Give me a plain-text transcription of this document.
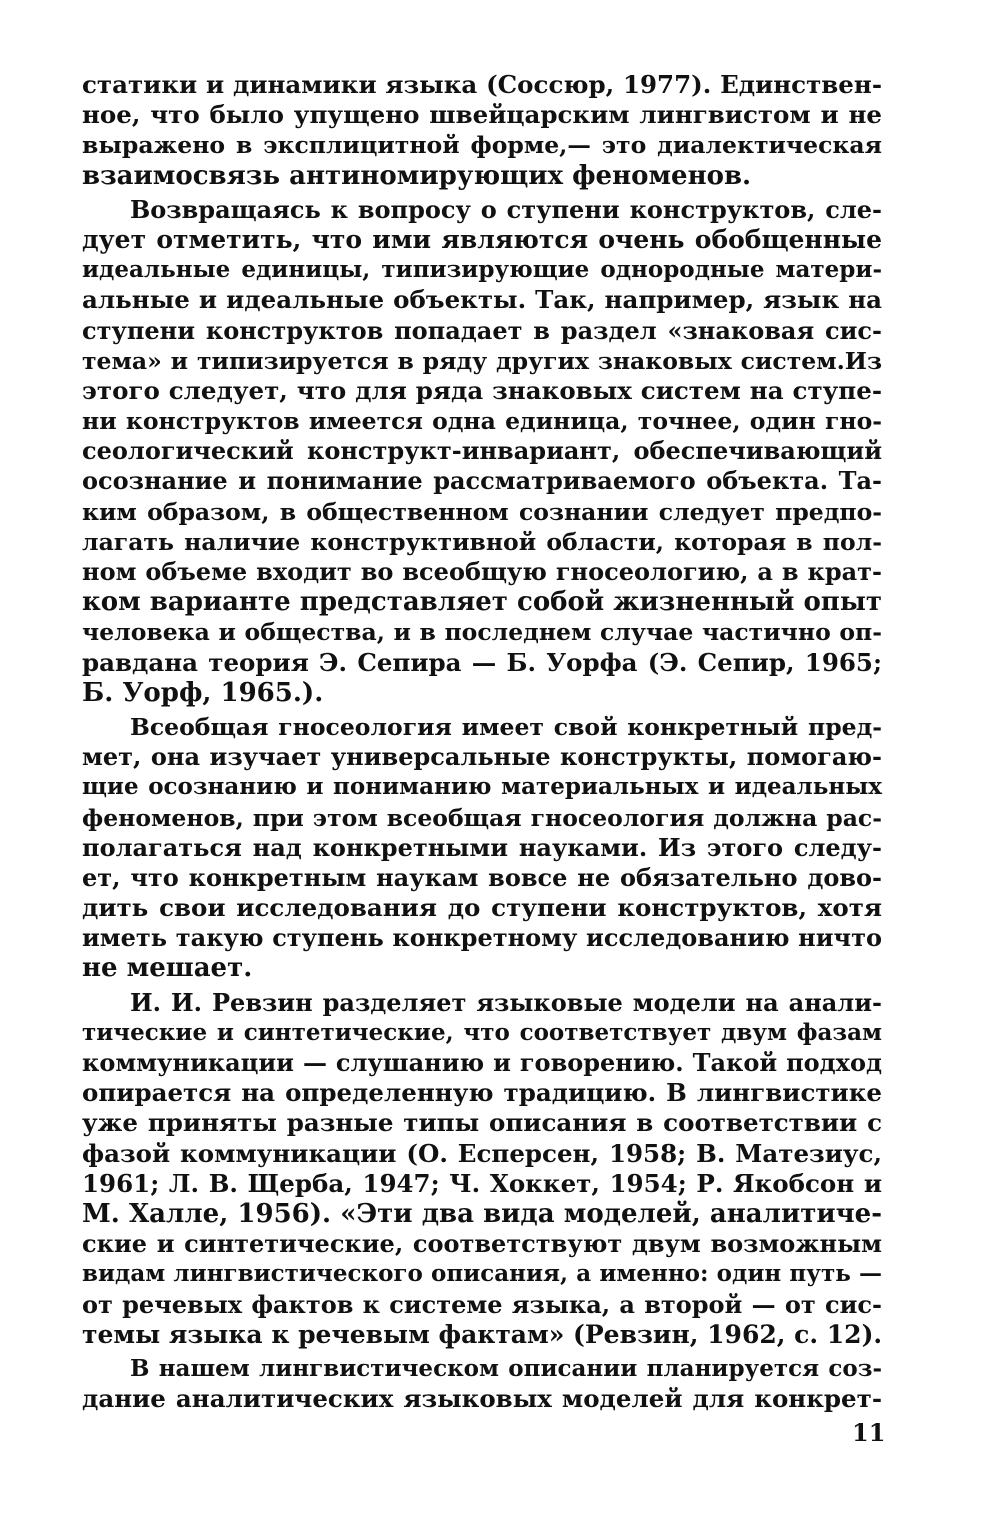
статики и динамики языка (Соссюр, 1977). Единствен-
ное, что было упущено швейцарским лингвистом и не
выражено в эксплицитной форме,— это диалектическая
взаимосвязь антиномирующих феноменов.
Возвращаясь к вопросу о ступени конструктов, сле-
дует отметить, что ими являются очень обобщенные
идеальные единицы, типизирующие однородные матери-
альные и идеальные объекты. Так, например, язык на
ступени конструктов попадает в раздел «знаковая сис-
тема» и типизируется в ряду других знаковых систем.Из
этого следует, что для ряда знаковых систем на ступе-
ни конструктов имеется одна единица, точнее, один гно-
сеологический конструкт-инвариант, обеспечивающий
осознание и понимание рассматриваемого объекта. Та-
ким образом, в общественном сознании следует предпо-
лагать наличие конструктивной области, которая в пол-
ном объеме входит во всеобщую гносеологию, а в крат-
ком варианте представляет собой жизненный опыт
человека и общества, и в последнем случае частично оп-
равдана теория Э. Сепира — Б. Уорфа (Э. Сепир, 1965;
Б. Уорф, 1965.).
Всеобщая гносеология имеет свой конкретный пред-
мет, она изучает универсальные конструкты, помогаю-
щие осознанию и пониманию материальных и идеальных
феноменов, при этом всеобщая гносеология должна рас-
полагаться над конкретными науками. Из этого следу-
ет, что конкретным наукам вовсе не обязательно дово-
дить свои исследования до ступени конструктов, хотя
иметь такую ступень конкретному исследованию ничто
не мешает.
И. И. Ревзин разделяет языковые модели на анали-
тические и синтетические, что соответствует двум фазам
коммуникации — слушанию и говорению. Такой подход
опирается на определенную традицию. В лингвистике
уже приняты разные типы описания в соответствии с
фазой коммуникации (О. Есперсен, 1958; В. Матезиус,
1961; Л. В. Щерба, 1947; Ч. Хоккет, 1954; Р. Якобсон и
М. Халле, 1956). «Эти два вида моделей, аналитиче-
ские и синтетические, соответствуют двум возможным
видам лингвистического описания, а именно: один путь —
от речевых фактов к системе языка, а второй — от сис-
темы языка к речевым фактам» (Ревзин, 1962, с. 12).
В нашем лингвистическом описании планируется соз-
дание аналитических языковых моделей для конкрет-
11
